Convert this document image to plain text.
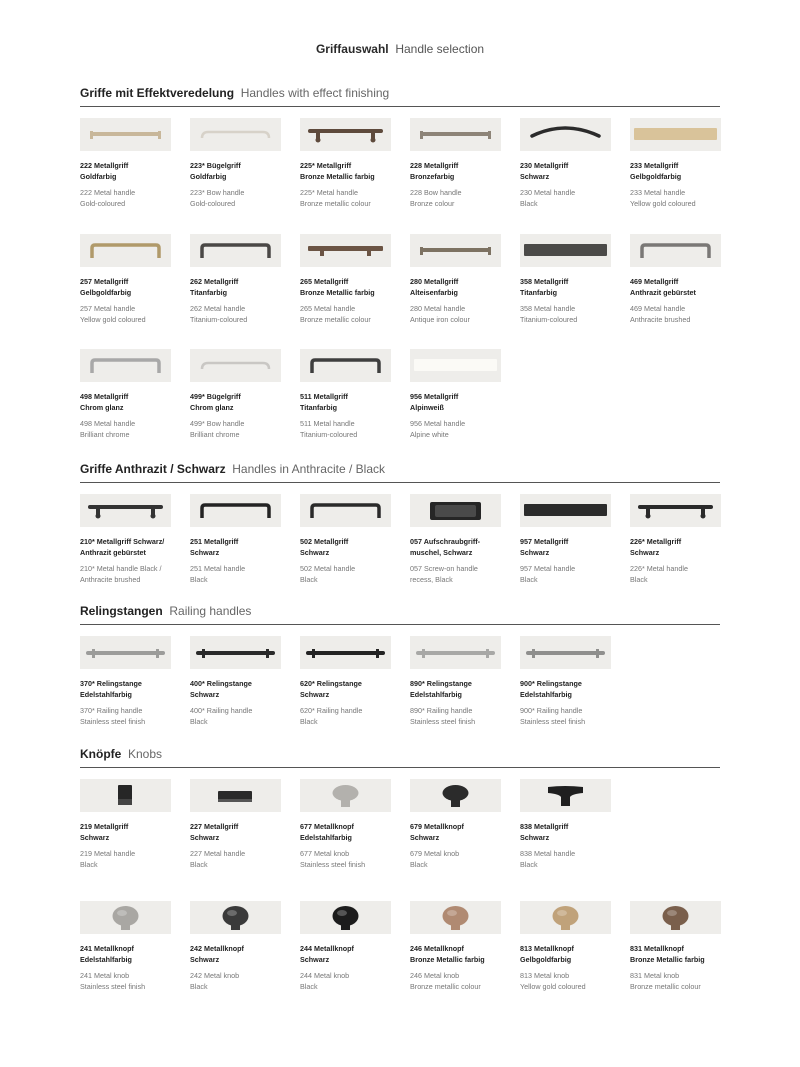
Griffauswahl Handle selection
Griffe mit Effektveredelung Handles with effect finishing
222 Metallgriff
Goldfarbig
222 Metal handle
Gold-coloured
223* Bügelgriff
Goldfarbig
223* Bow handle
Gold-coloured
225* Metallgriff
Bronze Metallic farbig
225* Metal handle
Bronze metallic colour
228 Metallgriff
Bronzefarbig
228 Bow handle
Bronze colour
230 Metallgriff
Schwarz
230 Metal handle
Black
233 Metallgriff
Gelbgoldfarbig
233 Metal handle
Yellow gold coloured
257 Metallgriff
Gelbgoldfarbig
257 Metal handle
Yellow gold coloured
262 Metallgriff
Titanfarbig
262 Metal handle
Titanium-coloured
265 Metallgriff
Bronze Metallic farbig
265 Metal handle
Bronze metallic colour
280 Metallgriff
Alteisenfarbig
280 Metal handle
Antique iron colour
358 Metallgriff
Titanfarbig
358 Metal handle
Titanium-coloured
469 Metallgriff
Anthrazit gebürstet
469 Metal handle
Anthracite brushed
498 Metallgriff
Chrom glanz
498 Metal handle
Brilliant chrome
499* Bügelgriff
Chrom glanz
499* Bow handle
Brilliant chrome
511 Metallgriff
Titanfarbig
511 Metal handle
Titanium-coloured
956 Metallgriff
Alpinweiß
956 Metal handle
Alpine white
Griffe Anthrazit / Schwarz Handles in Anthracite / Black
210* Metallgriff Schwarz/
Anthrazit gebürstet
210* Metal handle Black /
Anthracite brushed
251 Metallgriff
Schwarz
251 Metal handle
Black
502 Metallgriff
Schwarz
502 Metal handle
Black
057 Aufschraubgriff-
muschel, Schwarz
057 Screw-on handle
recess, Black
957 Metallgriff
Schwarz
957 Metal handle
Black
226* Metallgriff
Schwarz
226* Metal handle
Black
Relingstangen Railing handles
370* Relingstange
Edelstahlfarbig
370* Railing handle
Stainless steel finish
400* Relingstange
Schwarz
400* Railing handle
Black
620* Relingstange
Schwarz
620* Railing handle
Black
890* Relingstange
Edelstahlfarbig
890* Railing handle
Stainless steel finish
900* Relingstange
Edelstahlfarbig
900* Railing handle
Stainless steel finish
Knöpfe Knobs
219 Metallgriff
Schwarz
219 Metal handle
Black
227 Metallgriff
Schwarz
227 Metal handle
Black
677 Metallknopf
Edelstahlfarbig
677 Metal knob
Stainless steel finish
679 Metallknopf
Schwarz
679 Metal knob
Black
838 Metallgriff
Schwarz
838 Metal handle
Black
241 Metallknopf
Edelstahlfarbig
241 Metal knob
Stainless steel finish
242 Metallknopf
Schwarz
242 Metal knob
Black
244 Metallknopf
Schwarz
244 Metal knob
Black
246 Metallknopf
Bronze Metallic farbig
246 Metal knob
Bronze metallic colour
813 Metallknopf
Gelbgoldfarbig
813 Metal knob
Yellow gold coloured
831 Metallknopf
Bronze Metallic farbig
831 Metal knob
Bronze metallic colour
